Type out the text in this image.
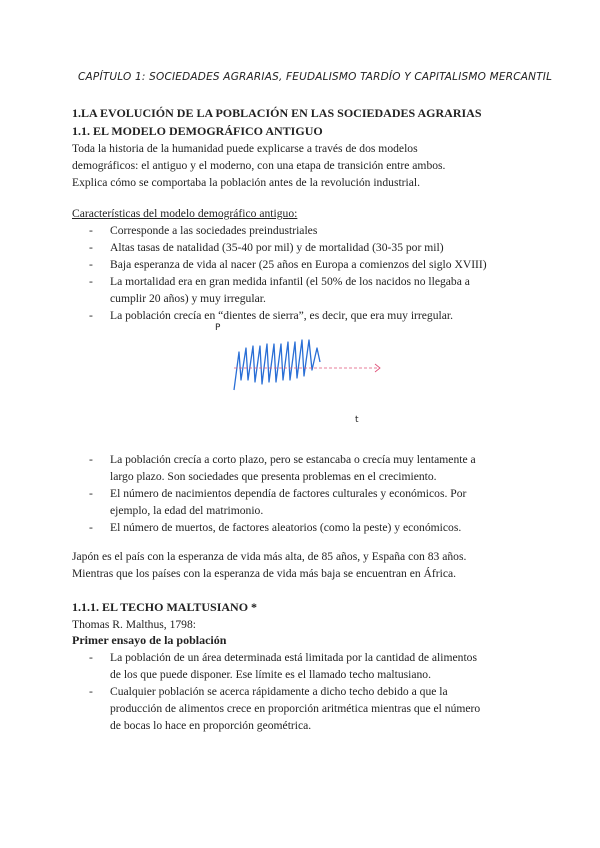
CAPÍTULO 1: SOCIEDADES AGRARIAS, FEUDALISMO TARDÍO Y CAPITALISMO MERCANTIL
1.LA EVOLUCIÓN DE LA POBLACIÓN EN LAS SOCIEDADES AGRARIAS
1.1. EL MODELO DEMOGRÁFICO ANTIGUO
Toda la historia de la humanidad puede explicarse a través de dos modelos
demográficos: el antiguo y el moderno, con una etapa de transición entre ambos.
Explica cómo se comportaba la población antes de la revolución industrial.
Características del modelo demográfico antiguo:
- Corresponde a las sociedades preindustriales
- Altas tasas de natalidad (35-40 por mil) y de mortalidad (30-35 por mil)
- Baja esperanza de vida al nacer (25 años en Europa a comienzos del siglo XVIII)
- La mortalidad era en gran medida infantil (el 50% de los nacidos no llegaba a
cumplir 20 años) y muy irregular.
- La población crecía en “dientes de sierra”, es decir, que era muy irregular.
P
t
- La población crecía a corto plazo, pero se estancaba o crecía muy lentamente a
largo plazo. Son sociedades que presenta problemas en el crecimiento.
- El número de nacimientos dependía de factores culturales y económicos. Por
ejemplo, la edad del matrimonio.
- El número de muertos, de factores aleatorios (como la peste) y económicos.
Japón es el país con la esperanza de vida más alta, de 85 años, y España con 83 años.
Mientras que los países con la esperanza de vida más baja se encuentran en África.
1.1.1. EL TECHO MALTUSIANO *
Thomas R. Malthus, 1798:
Primer ensayo de la población
- La población de un área determinada está limitada por la cantidad de alimentos
de los que puede disponer. Ese límite es el llamado techo maltusiano.
- Cualquier población se acerca rápidamente a dicho techo debido a que la
producción de alimentos crece en proporción aritmética mientras que el número
de bocas lo hace en proporción geométrica.
